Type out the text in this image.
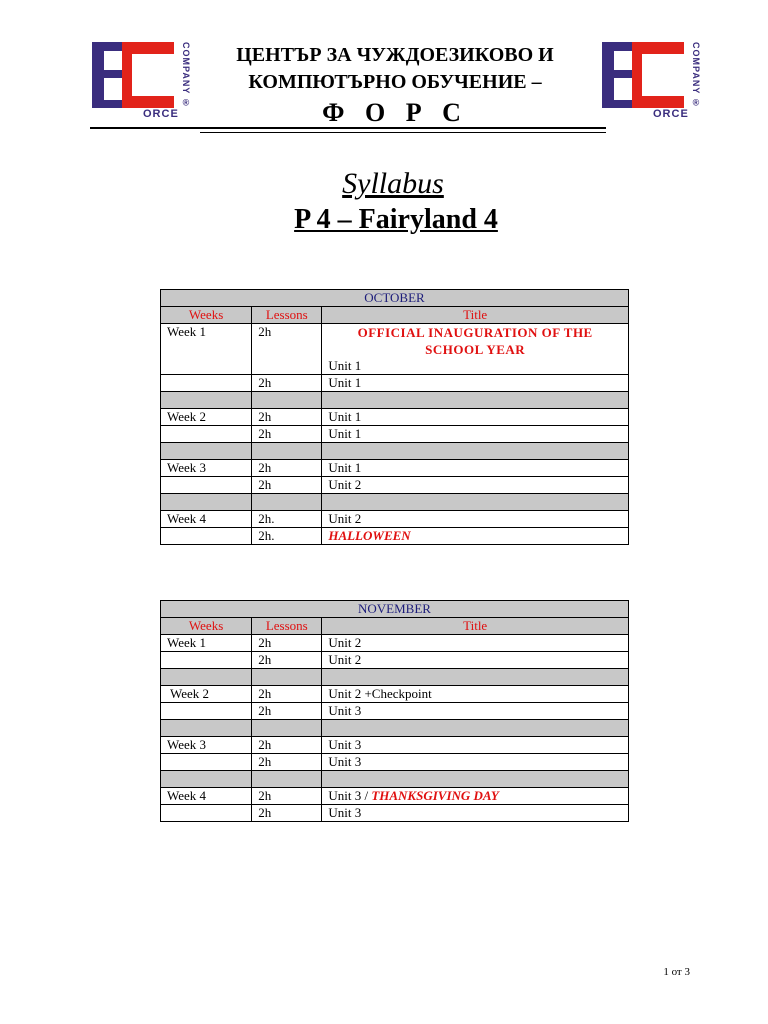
ORCE
COMPANY ®
ORCE
COMPANY ®
ЦЕНТЪР ЗА ЧУЖДОЕЗИКОВО И
КОМПЮТЪРНО ОБУЧЕНИЕ –
Ф О Р С
Syllabus
P 4 – Fairyland 4
OCTOBER		
Weeks	Lessons	Title
Week 1	2h	OFFICIAL INAUGURATION OF THE SCHOOL YEAR
Unit 1
	2h	Unit 1

Week 2	2h	Unit 1
	2h	Unit 1

Week 3	2h	Unit 1
	2h	Unit 2

Week 4	2h.	Unit 2
	2h.	HALLOWEEN
NOVEMBER		
Weeks	Lessons	Title
Week 1	2h	Unit 2
	2h	Unit 2

Week 2	2h	Unit 2 +Checkpoint
	2h	Unit 3

Week 3	2h	Unit 3
	2h	Unit 3

Week 4	2h	Unit 3 / THANKSGIVING DAY
	2h	Unit 3
1 от 3
